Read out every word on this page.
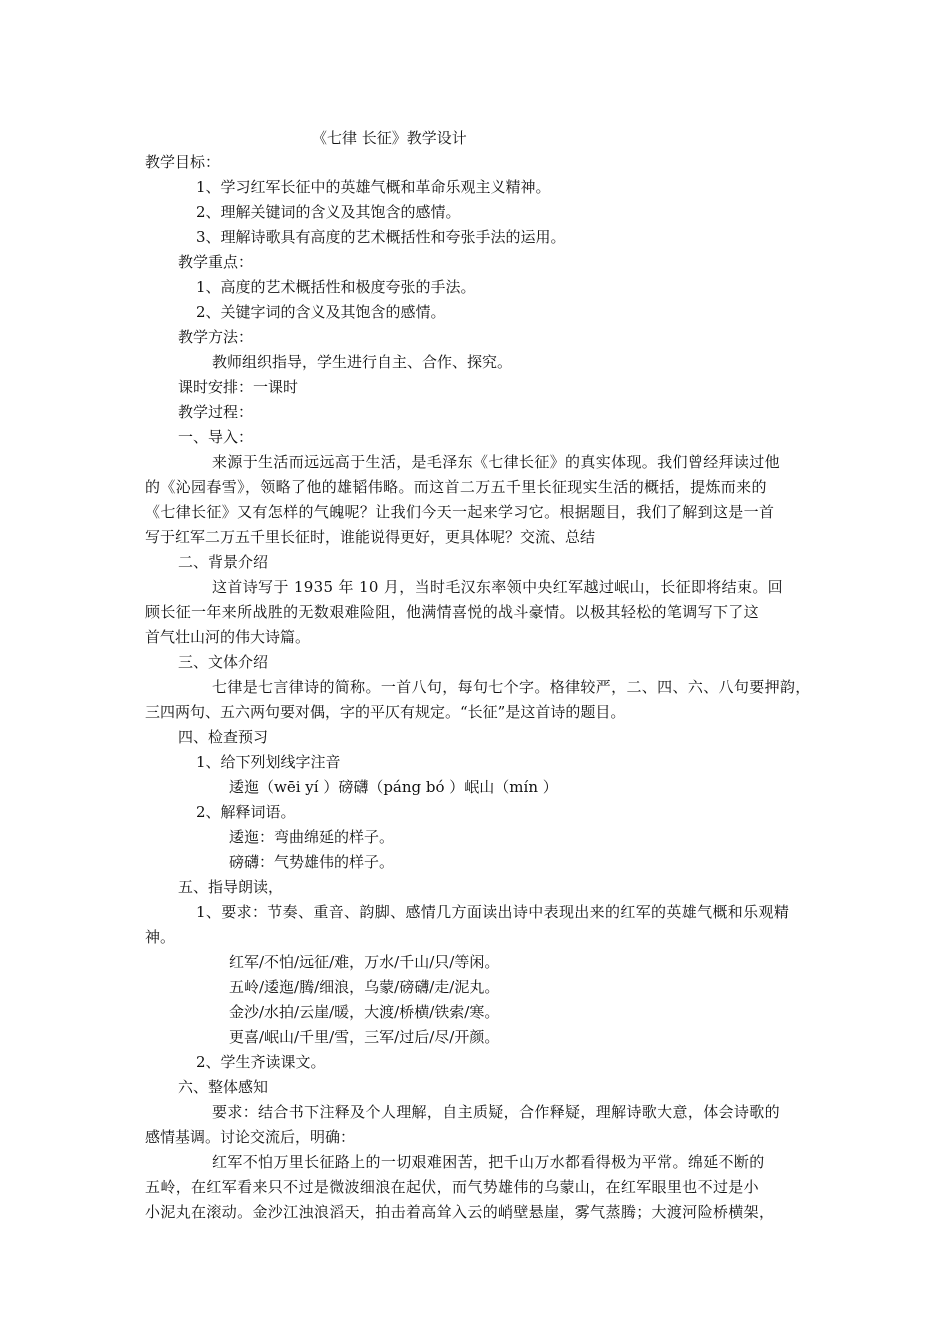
《七律 长征》教学设计
教学目标：
1、学习红军长征中的英雄气概和革命乐观主义精神。
2、理解关键词的含义及其饱含的感情。
3、理解诗歌具有高度的艺术概括性和夸张手法的运用。
教学重点：
1、高度的艺术概括性和极度夸张的手法。
2、关键字词的含义及其饱含的感情。
教学方法：
教师组织指导，学生进行自主、合作、探究。
课时安排：一课时
教学过程：
一、导入：
来源于生活而远远高于生活，是毛泽东《七律长征》的真实体现。我们曾经拜读过他
的《沁园春雪》，领略了他的雄韬伟略。而这首二万五千里长征现实生活的概括，提炼而来的
《七律长征》又有怎样的气魄呢？让我们今天一起来学习它。根据题目，我们了解到这是一首
写于红军二万五千里长征时，谁能说得更好，更具体呢？交流、总结
二、背景介绍
这首诗写于 1935 年 10 月，当时毛汉东率领中央红军越过岷山，长征即将结束。回
顾长征一年来所战胜的无数艰难险阻，他满情喜悦的战斗豪情。以极其轻松的笔调写下了这
首气壮山河的伟大诗篇。
三、文体介绍
七律是七言律诗的简称。一首八句，每句七个字。格律较严，二、四、六、八句要押韵，
三四两句、五六两句要对偶，字的平仄有规定。“长征”是这首诗的题目。
四、检查预习
1、给下列划线字注音
逶迤（wēi yí ）磅礴（páng bó ）岷山（mín ）
2、解释词语。
逶迤：弯曲绵延的样子。
磅礴：气势雄伟的样子。
五、指导朗读，
1、要求：节奏、重音、韵脚、感情几方面读出诗中表现出来的红军的英雄气概和乐观精
神。
红军/不怕/远征/难，万水/千山/只/等闲。
五岭/逶迤/腾/细浪，乌蒙/磅礴/走/泥丸。
金沙/水拍/云崖/暖，大渡/桥横/铁索/寒。
更喜/岷山/千里/雪，三军/过后/尽/开颜。
2、学生齐读课文。
六、整体感知
要求：结合书下注释及个人理解，自主质疑，合作释疑，理解诗歌大意，体会诗歌的
感情基调。讨论交流后，明确：
红军不怕万里长征路上的一切艰难困苦，把千山万水都看得极为平常。绵延不断的
五岭，在红军看来只不过是微波细浪在起伏，而气势雄伟的乌蒙山，在红军眼里也不过是小
小泥丸在滚动。金沙江浊浪滔天，拍击着高耸入云的峭壁悬崖，雾气蒸腾；大渡河险桥横架，
